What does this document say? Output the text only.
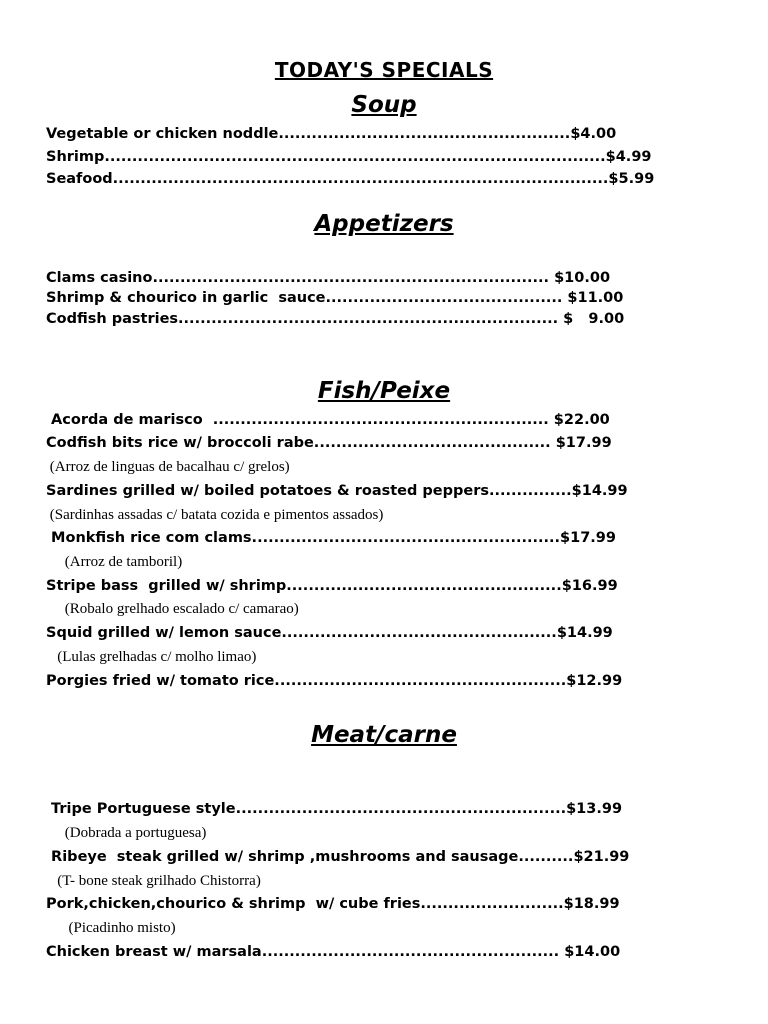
TODAY'S SPECIALS
Soup
Vegetable or chicken noddle.....................................................$4.00
Shrimp...........................................................................................$4.99
Seafood..........................................................................................$5.99
Appetizers
Clams casino........................................................................ $10.00
Shrimp & chourico in garlic  sauce........................................... $11.00
Codfish pastries..................................................................... $   9.00
Fish/Peixe
Acorda de marisco  ............................................................. $22.00
Codfish bits rice w/ broccoli rabe........................................... $17.99
(Arroz de linguas de bacalhau c/ grelos)
Sardines grilled w/ boiled potatoes & roasted peppers...............$14.99
(Sardinhas assadas c/ batata cozida e pimentos assados)
Monkfish rice com clams........................................................$17.99
(Arroz de tamboril)
Stripe bass  grilled w/ shrimp..................................................$16.99
(Robalo grelhado escalado c/ camarao)
Squid grilled w/ lemon sauce..................................................$14.99
(Lulas grelhadas c/ molho limao)
Porgies fried w/ tomato rice.....................................................$12.99
Meat/carne
Tripe Portuguese style............................................................$13.99
(Dobrada a portuguesa)
Ribeye  steak grilled w/ shrimp ,mushrooms and sausage..........$21.99
(T- bone steak grilhado Chistorra)
Pork,chicken,chourico & shrimp  w/ cube fries..........................$18.99
(Picadinho misto)
Chicken breast w/ marsala...................................................... $14.00
